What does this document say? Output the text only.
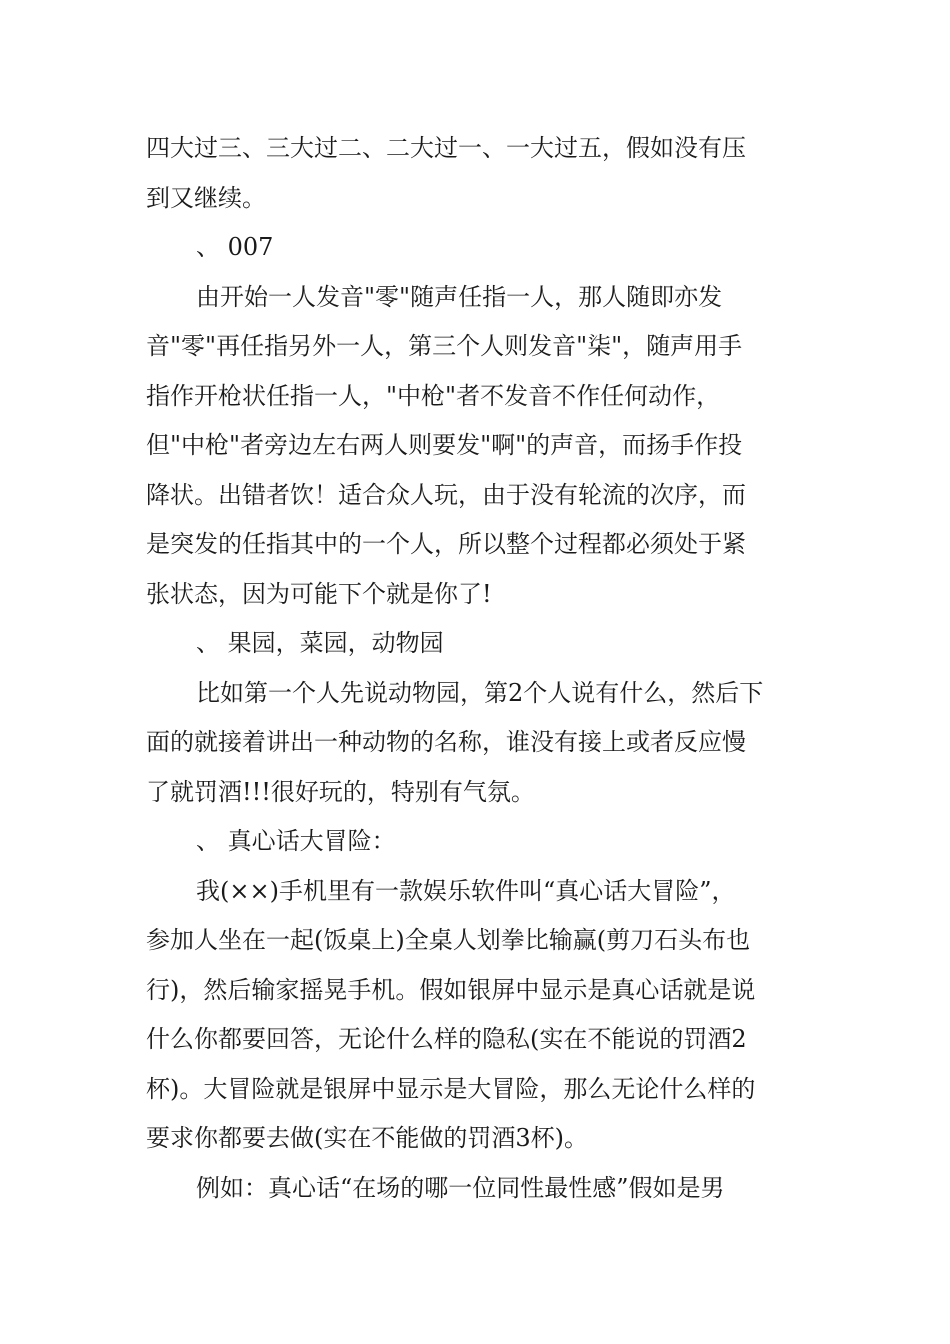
四大过三、三大过二、二大过一、一大过五，假如没有压
到又继续。
、 007
由开始一人发音"零"随声任指一人，那人随即亦发
音"零"再任指另外一人，第三个人则发音"柒"，随声用手
指作开枪状任指一人，"中枪"者不发音不作任何动作，
但"中枪"者旁边左右两人则要发"啊"的声音，而扬手作投
降状。出错者饮！适合众人玩，由于没有轮流的次序，而
是突发的任指其中的一个人，所以整个过程都必须处于紧
张状态，因为可能下个就是你了!
、 果园，菜园，动物园
比如第一个人先说动物园，第2个人说有什么，然后下
面的就接着讲出一种动物的名称，谁没有接上或者反应慢
了就罚酒!!!很好玩的，特别有气氛。
、 真心话大冒险：
我(××)手机里有一款娱乐软件叫“真心话大冒险”，
参加人坐在一起(饭桌上)全桌人划拳比输赢(剪刀石头布也
行)，然后输家摇晃手机。假如银屏中显示是真心话就是说
什么你都要回答，无论什么样的隐私(实在不能说的罚酒2
杯)。大冒险就是银屏中显示是大冒险，那么无论什么样的
要求你都要去做(实在不能做的罚酒3杯)。
例如：真心话“在场的哪一位同性最性感”假如是男
